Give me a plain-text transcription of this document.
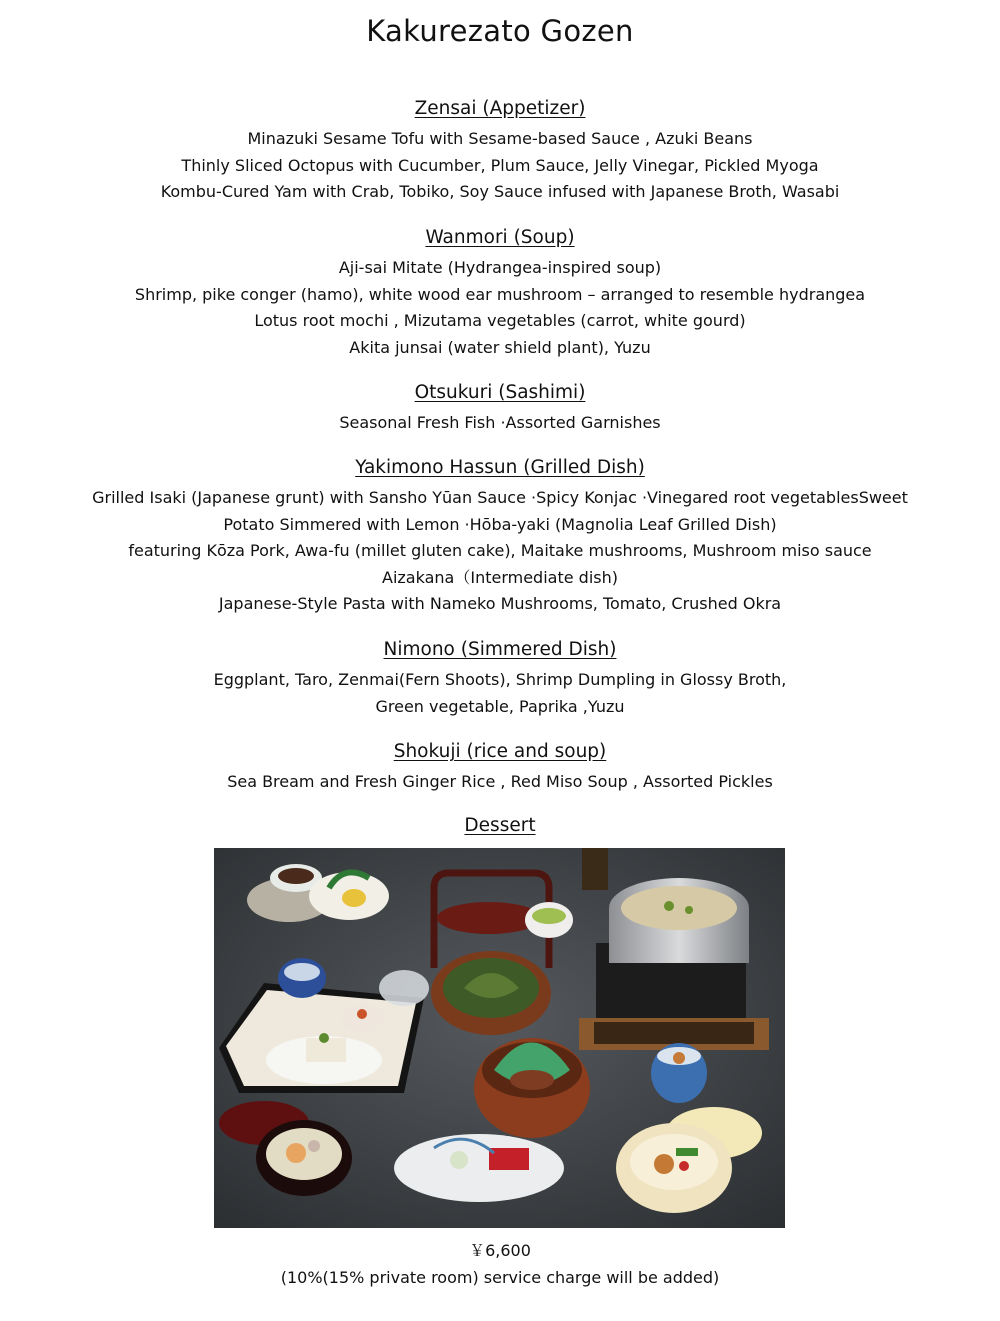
Kakurezato Gozen
Zensai (Appetizer)
Minazuki Sesame Tofu with Sesame-based Sauce , Azuki Beans
Thinly Sliced Octopus with Cucumber, Plum Sauce, Jelly Vinegar, Pickled Myoga
Kombu-Cured Yam with Crab, Tobiko, Soy Sauce infused with Japanese Broth, Wasabi
Wanmori (Soup)
Aji-sai Mitate (Hydrangea-inspired soup)
Shrimp, pike conger (hamo), white wood ear mushroom – arranged to resemble hydrangea
Lotus root mochi , Mizutama vegetables (carrot, white gourd)
Akita junsai (water shield plant), Yuzu
Otsukuri (Sashimi)
Seasonal Fresh Fish ·Assorted Garnishes
Yakimono Hassun (Grilled Dish)
Grilled Isaki (Japanese grunt) with Sansho Yūan Sauce ·Spicy Konjac ·Vinegared root vegetablesSweet
Potato Simmered with Lemon ·Hōba-yaki (Magnolia Leaf Grilled Dish)
featuring Kōza Pork, Awa-fu (millet gluten cake), Maitake mushrooms, Mushroom miso sauce
Aizakana（Intermediate dish)
Japanese-Style Pasta with Nameko Mushrooms, Tomato, Crushed Okra
Nimono (Simmered Dish)
Eggplant, Taro, Zenmai(Fern Shoots), Shrimp Dumpling in Glossy Broth,
Green vegetable, Paprika ,Yuzu
Shokuji (rice and soup)
Sea Bream and Fresh Ginger Rice , Red Miso Soup , Assorted Pickles
Dessert
￥6,600
(10%(15% private room) service charge will be added)
